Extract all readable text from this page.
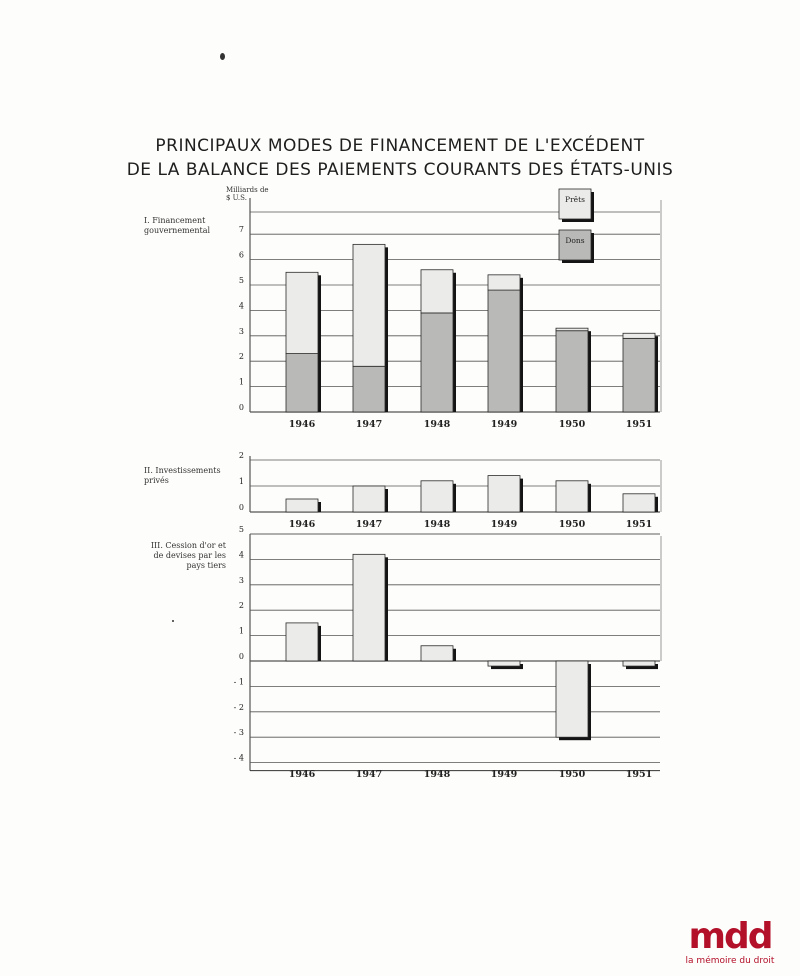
PRINCIPAUX MODES DE FINANCEMENT DE L'EXCÉDENT
DE LA BALANCE DES PAIEMENTS COURANTS DES ÉTATS-UNIS
Milliards de $ U.S.
I. Financement gouvernemental
II. Investissements privés
III. Cession d'or et de devises par les pays tiers
0
1
2
3
4
5
6
7
1946	1947	1948	1949	1950	1951
0
1
2
1946	1947	1948	1949	1950	1951
- 4
- 3
- 2
- 1
0
1
2
3
4
5
1946	1947	1948	1949	1950	1951
Prêts
Dons
mdd
la mémoire du droit
